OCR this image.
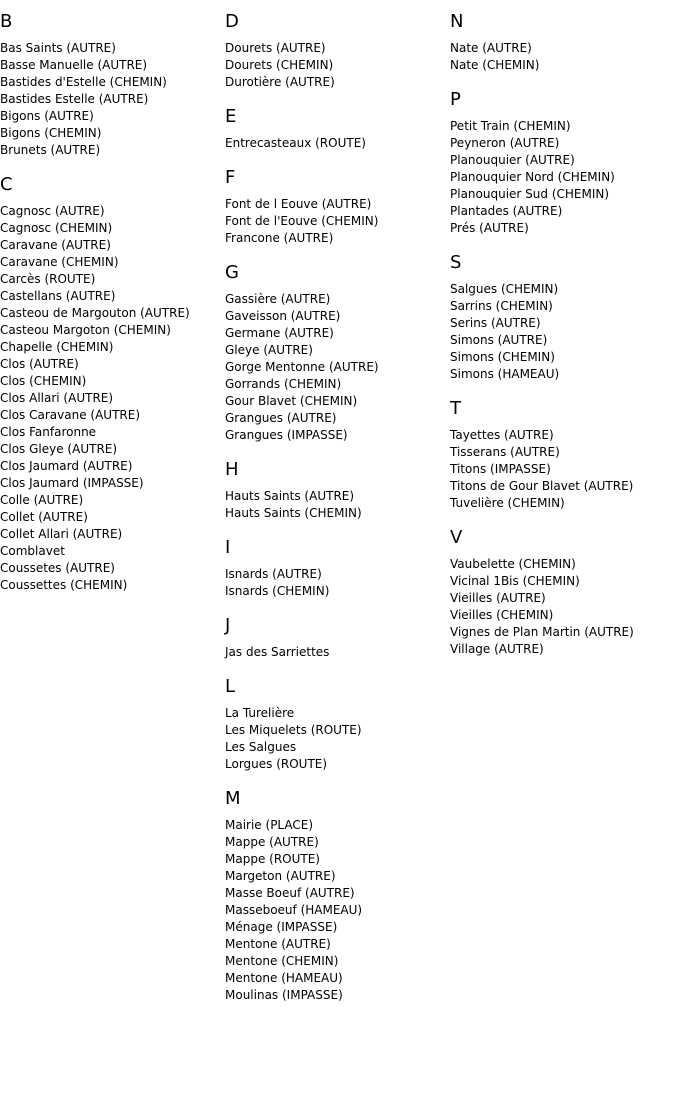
B
Bas Saints (AUTRE)
Basse Manuelle (AUTRE)
Bastides d'Estelle (CHEMIN)
Bastides Estelle (AUTRE)
Bigons (AUTRE)
Bigons (CHEMIN)
Brunets (AUTRE)
C
Cagnosc (AUTRE)
Cagnosc (CHEMIN)
Caravane (AUTRE)
Caravane (CHEMIN)
Carcès (ROUTE)
Castellans (AUTRE)
Casteou de Margouton (AUTRE)
Casteou Margoton (CHEMIN)
Chapelle (CHEMIN)
Clos (AUTRE)
Clos (CHEMIN)
Clos Allari (AUTRE)
Clos Caravane (AUTRE)
Clos Fanfaronne
Clos Gleye (AUTRE)
Clos Jaumard (AUTRE)
Clos Jaumard (IMPASSE)
Colle (AUTRE)
Collet (AUTRE)
Collet Allari (AUTRE)
Comblavet
Coussetes (AUTRE)
Coussettes (CHEMIN)
D
Dourets (AUTRE)
Dourets (CHEMIN)
Durotière (AUTRE)
E
Entrecasteaux (ROUTE)
F
Font de l Eouve (AUTRE)
Font de l'Eouve (CHEMIN)
Francone (AUTRE)
G
Gassière (AUTRE)
Gaveisson (AUTRE)
Germane (AUTRE)
Gleye (AUTRE)
Gorge Mentonne (AUTRE)
Gorrands (CHEMIN)
Gour Blavet (CHEMIN)
Grangues (AUTRE)
Grangues (IMPASSE)
H
Hauts Saints (AUTRE)
Hauts Saints (CHEMIN)
I
Isnards (AUTRE)
Isnards (CHEMIN)
J
Jas des Sarriettes
L
La Turelière
Les Miquelets (ROUTE)
Les Salgues
Lorgues (ROUTE)
M
Mairie (PLACE)
Mappe (AUTRE)
Mappe (ROUTE)
Margeton (AUTRE)
Masse Boeuf (AUTRE)
Masseboeuf (HAMEAU)
Ménage (IMPASSE)
Mentone (AUTRE)
Mentone (CHEMIN)
Mentone (HAMEAU)
Moulinas (IMPASSE)
N
Nate (AUTRE)
Nate (CHEMIN)
P
Petit Train (CHEMIN)
Peyneron (AUTRE)
Planouquier (AUTRE)
Planouquier Nord (CHEMIN)
Planouquier Sud (CHEMIN)
Plantades (AUTRE)
Prés (AUTRE)
S
Salgues (CHEMIN)
Sarrins (CHEMIN)
Serins (AUTRE)
Simons (AUTRE)
Simons (CHEMIN)
Simons (HAMEAU)
T
Tayettes (AUTRE)
Tisserans (AUTRE)
Titons (IMPASSE)
Titons de Gour Blavet (AUTRE)
Tuvelière (CHEMIN)
V
Vaubelette (CHEMIN)
Vicinal 1Bis (CHEMIN)
Vieilles (AUTRE)
Vieilles (CHEMIN)
Vignes de Plan Martin (AUTRE)
Village (AUTRE)
